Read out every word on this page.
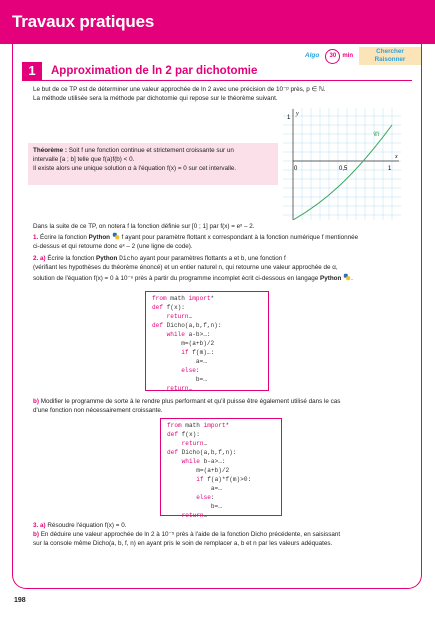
Travaux pratiques
Algo 30 min
Chercher Raisonner
1	Approximation de ln 2 par dichotomie
Le but de ce TP est de déterminer une valeur approchée de ln 2 avec une précision de 10⁻ᵖ près, p ∈ ℕ.
La méthode utilisée sera la méthode par dichotomie qui repose sur le théorème suivant.
Théorème : Soit f une fonction continue et strictement croissante sur un
intervalle [a ; b] telle que f(a)f(b) < 0.
Il existe alors une unique solution α à l'équation f(x) = 0 sur cet intervalle.
y
x
𝒞f
0	0,5	1
1
Dans la suite de ce TP, on notera f la fonction définie sur [0 ; 1] par f(x) = eˣ – 2.
1. Écrire la fonction Python  f ayant pour paramètre flottant x correspondant à la fonction numérique f mentionnée
ci-dessus et qui retourne donc eˣ – 2 (une ligne de code).
2. a) Écrire la fonction Python Dicho ayant pour paramètres flottants a et b, une fonction f
(vérifiant les hypothèses du théorème énoncé) et un entier naturel n, qui retourne une valeur approchée de α,
solution de l'équation f(x) = 0 à 10⁻ⁿ près à partir du programme incomplet écrit ci-dessous en langage Python .
from math import*
def f(x):
return…
def Dicho(a,b,f,n):
while a-b>…:
m=(a+b)/2
if f(m)…:
a=…
else:
b=…
return…
b) Modifier le programme de sorte à le rendre plus performant et qu'il puisse être également utilisé dans le cas
d'une fonction non nécessairement croissante.
from math import*
def f(x):
return…
def Dicho(a,b,f,n):
while b-a>…:
m=(a+b)/2
if f(a)*f(m)>0:
a=…
else:
b=…
return…
3. a) Résoudre l'équation f(x) = 0.
b) En déduire une valeur approchée de ln 2 à 10⁻⁵ près à l'aide de la fonction Dicho précédente, en saisissant
sur la console même Dicho(a, b, f, n) en ayant pris le soin de remplacer a, b et n par les valeurs adéquates.
198
